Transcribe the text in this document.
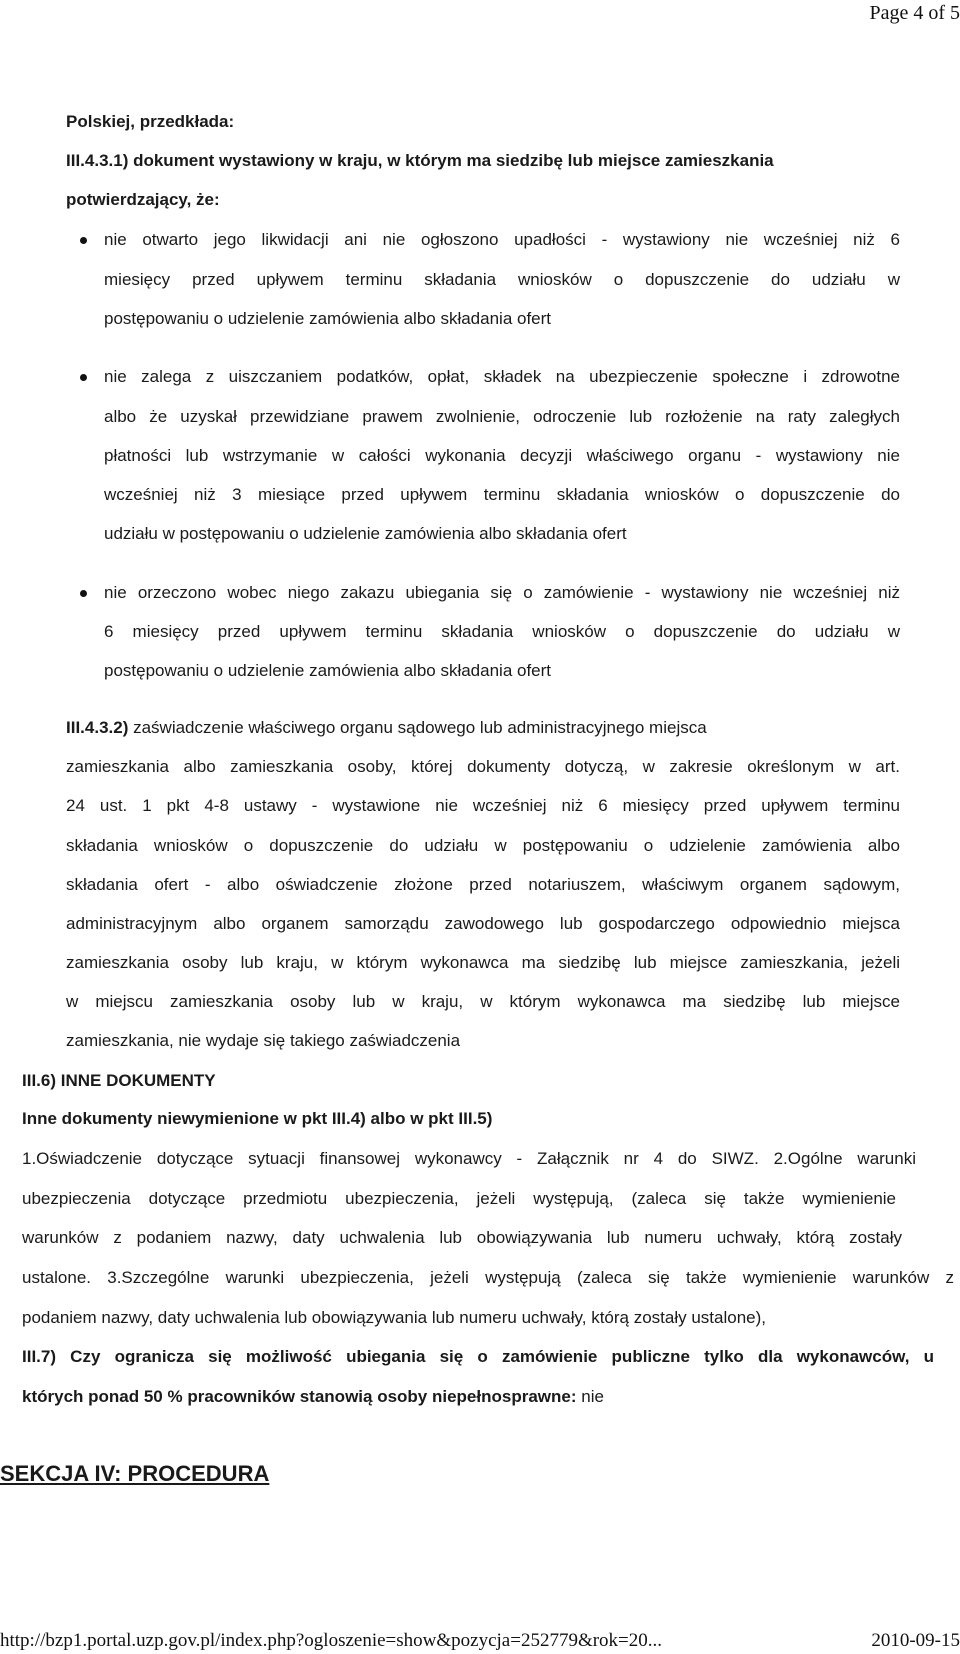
Page 4 of 5
Polskiej, przedkłada:
III.4.3.1) dokument wystawiony w kraju, w którym ma siedzibę lub miejsce zamieszkania
potwierdzający, że:
nie otwarto jego likwidacji ani nie ogłoszono upadłości - wystawiony nie wcześniej niż 6
miesięcy przed upływem terminu składania wniosków o dopuszczenie do udziału w
postępowaniu o udzielenie zamówienia albo składania ofert
nie zalega z uiszczaniem podatków, opłat, składek na ubezpieczenie społeczne i zdrowotne
albo że uzyskał przewidziane prawem zwolnienie, odroczenie lub rozłożenie na raty zaległych
płatności lub wstrzymanie w całości wykonania decyzji właściwego organu - wystawiony nie
wcześniej niż 3 miesiące przed upływem terminu składania wniosków o dopuszczenie do
udziału w postępowaniu o udzielenie zamówienia albo składania ofert
nie orzeczono wobec niego zakazu ubiegania się o zamówienie - wystawiony nie wcześniej niż
6 miesięcy przed upływem terminu składania wniosków o dopuszczenie do udziału w
postępowaniu o udzielenie zamówienia albo składania ofert
III.4.3.2) zaświadczenie właściwego organu sądowego lub administracyjnego miejsca
zamieszkania albo zamieszkania osoby, której dokumenty dotyczą, w zakresie określonym w art.
24 ust. 1 pkt 4-8 ustawy - wystawione nie wcześniej niż 6 miesięcy przed upływem terminu
składania wniosków o dopuszczenie do udziału w postępowaniu o udzielenie zamówienia albo
składania ofert - albo oświadczenie złożone przed notariuszem, właściwym organem sądowym,
administracyjnym albo organem samorządu zawodowego lub gospodarczego odpowiednio miejsca
zamieszkania osoby lub kraju, w którym wykonawca ma siedzibę lub miejsce zamieszkania, jeżeli
w miejscu zamieszkania osoby lub w kraju, w którym wykonawca ma siedzibę lub miejsce
zamieszkania, nie wydaje się takiego zaświadczenia
III.6) INNE DOKUMENTY
Inne dokumenty niewymienione w pkt III.4) albo w pkt III.5)
1.Oświadczenie dotyczące sytuacji finansowej wykonawcy - Załącznik nr 4 do SIWZ. 2.Ogólne warunki
ubezpieczenia dotyczące przedmiotu ubezpieczenia, jeżeli występują, (zaleca się także wymienienie
warunków z podaniem nazwy, daty uchwalenia lub obowiązywania lub numeru uchwały, którą zostały
ustalone. 3.Szczególne warunki ubezpieczenia, jeżeli występują (zaleca się także wymienienie warunków z
podaniem nazwy, daty uchwalenia lub obowiązywania lub numeru uchwały, którą zostały ustalone),
III.7) Czy ogranicza się możliwość ubiegania się o zamówienie publiczne tylko dla wykonawców, u
których ponad 50 % pracowników stanowią osoby niepełnosprawne: nie
SEKCJA IV: PROCEDURA
http://bzp1.portal.uzp.gov.pl/index.php?ogloszenie=show&pozycja=252779&rok=20...	2010-09-15
